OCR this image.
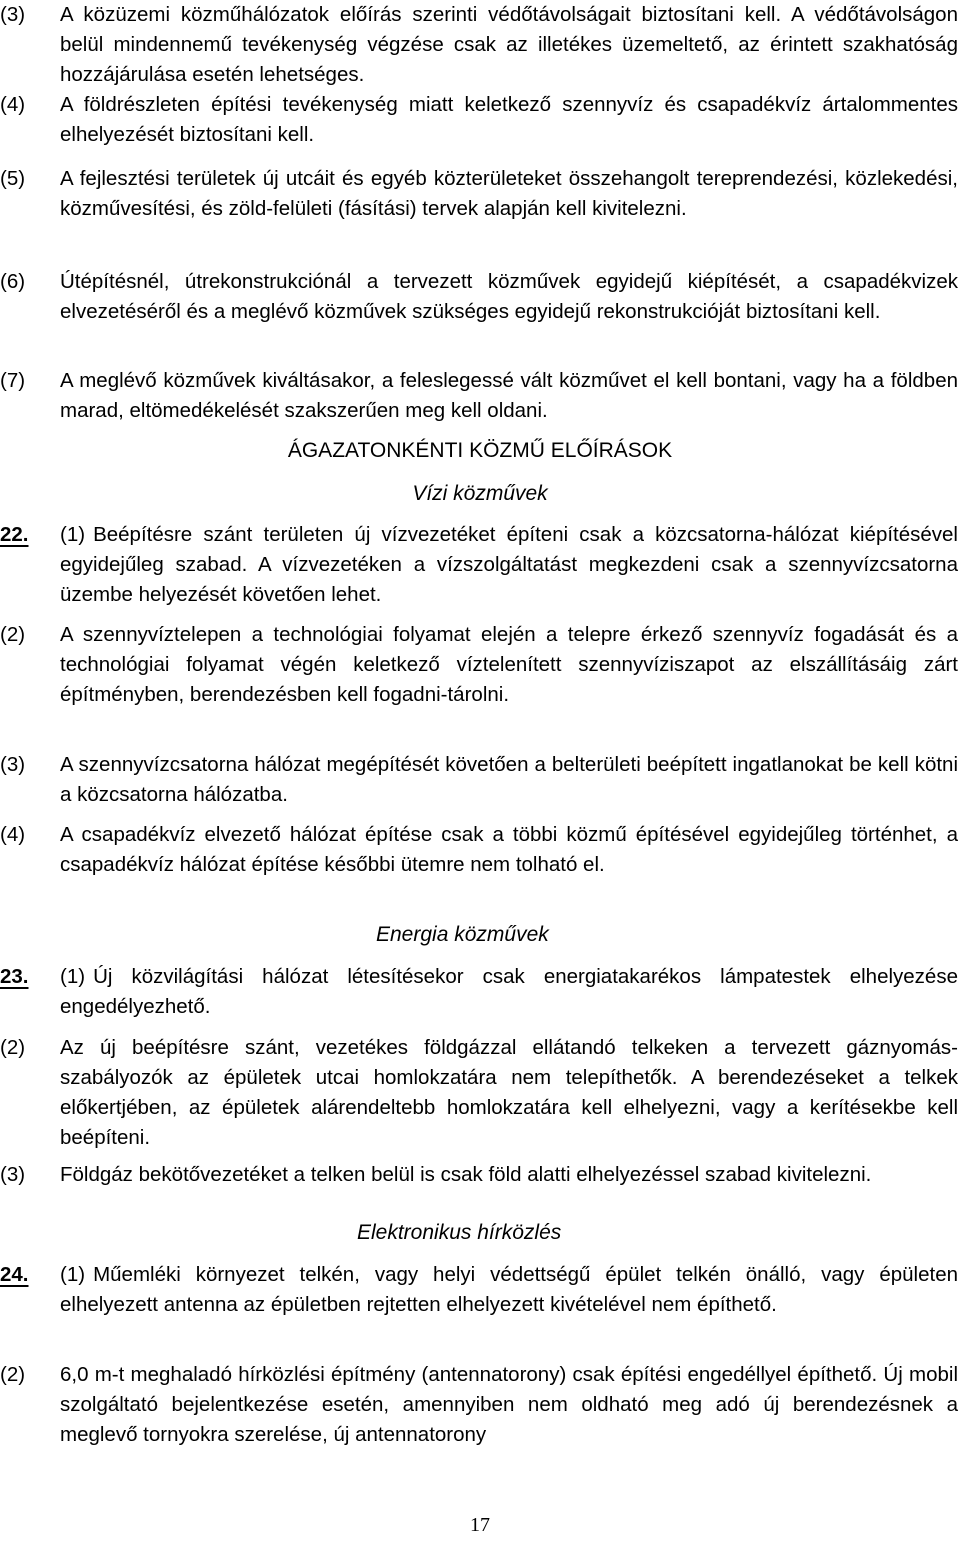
(3) A közüzemi közműhálózatok előírás szerinti védőtávolságait biztosítani kell. A védőtávolságon belül mindennemű tevékenység végzése csak az illetékes üzemeltető, az érintett szakhatóság hozzájárulása esetén lehetséges.
(4) A földrészleten építési tevékenység miatt keletkező szennyvíz és csapadékvíz ártalommentes elhelyezését biztosítani kell.
(5) A fejlesztési területek új utcáit és egyéb közterületeket összehangolt tereprendezési, közlekedési, közművesítési, és zöld-felületi (fásítási) tervek alapján kell kivitelezni.
(6) Útépítésnél, útrekonstrukciónál a tervezett közművek egyidejű kiépítését, a csapadékvizek elvezetéséről és a meglévő közművek szükséges egyidejű rekonstrukcióját biztosítani kell.
(7) A meglévő közművek kiváltásakor, a feleslegessé vált közművet el kell bontani, vagy ha a földben marad, eltömedékelését szakszerűen meg kell oldani.
ÁGAZATONKÉNTI KÖZMŰ ELŐÍRÁSOK
Vízi közművek
22. (1) Beépítésre szánt területen új vízvezetéket építeni csak a közcsatorna-hálózat kiépítésével egyidejűleg szabad. A vízvezetéken a vízszolgáltatást megkezdeni csak a szennyvízcsatorna üzembe helyezését követően lehet.
(2) A szennyvíztelepen a technológiai folyamat elején a telepre érkező szennyvíz fogadását és a technológiai folyamat végén keletkező víztelenített szennyvíziszapot az elszállításáig zárt építményben, berendezésben kell fogadni-tárolni.
(3) A szennyvízcsatorna hálózat megépítését követően a belterületi beépített ingatlanokat be kell kötni a közcsatorna hálózatba.
(4) A csapadékvíz elvezető hálózat építése csak a többi közmű építésével egyidejűleg történhet, a csapadékvíz hálózat építése későbbi ütemre nem tolható el.
Energia közművek
23. (1) Új közvilágítási hálózat létesítésekor csak energiatakarékos lámpatestek elhelyezése engedélyezhető.
(2) Az új beépítésre szánt, vezetékes földgázzal ellátandó telkeken a tervezett gáznyomás-szabályozók az épületek utcai homlokzatára nem telepíthetők. A berendezéseket a telkek előkertjében, az épületek alárendeltebb homlokzatára kell elhelyezni, vagy a kerítésekbe kell beépíteni.
(3) Földgáz bekötővezetéket a telken belül is csak föld alatti elhelyezéssel szabad kivitelezni.
Elektronikus hírközlés
24. (1) Műemléki környezet telkén, vagy helyi védettségű épület telkén önálló, vagy épületen elhelyezett antenna az épületben rejtetten elhelyezett kivételével nem építhető.
(2) 6,0 m-t meghaladó hírközlési építmény (antennatorony) csak építési engedéllyel építhető. Új mobil szolgáltató bejelentkezése esetén, amennyiben nem oldható meg adó új berendezésnek a meglevő tornyokra szerelése, új antennatorony
17
